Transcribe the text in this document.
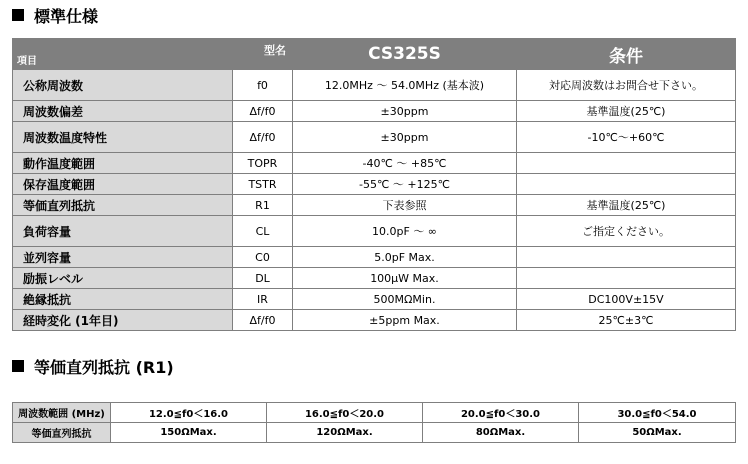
標準仕様
項目	型名	CS325S	条件
公称周波数	f0	12.0MHz ～ 54.0MHz (基本波)	対応周波数はお問合せ下さい。
周波数偏差	Δf/f0	±30ppm	基準温度(25℃)
周波数温度特性	Δf/f0	±30ppm	-10℃～+60℃
動作温度範囲	TOPR	-40℃ ～ +85℃	
保存温度範囲	TSTR	-55℃ ～ +125℃	
等価直列抵抗	R1	下表参照	基準温度(25℃)
負荷容量	CL	10.0pF ～ ∞	ご指定ください。
並列容量	C0	5.0pF Max.	
励振レベル	DL	100μW Max.	
絶縁抵抗	IR	500MΩMin.	DC100V±15V
経時変化 (1年目)	Δf/f0	±5ppm Max.	25℃±3℃
等価直列抵抗 (R1)
周波数範囲 (MHz)	12.0≦f0＜16.0	16.0≦f0＜20.0	20.0≦f0＜30.0	30.0≦f0＜54.0
等価直列抵抗	150ΩMax.	120ΩMax.	80ΩMax.	50ΩMax.
